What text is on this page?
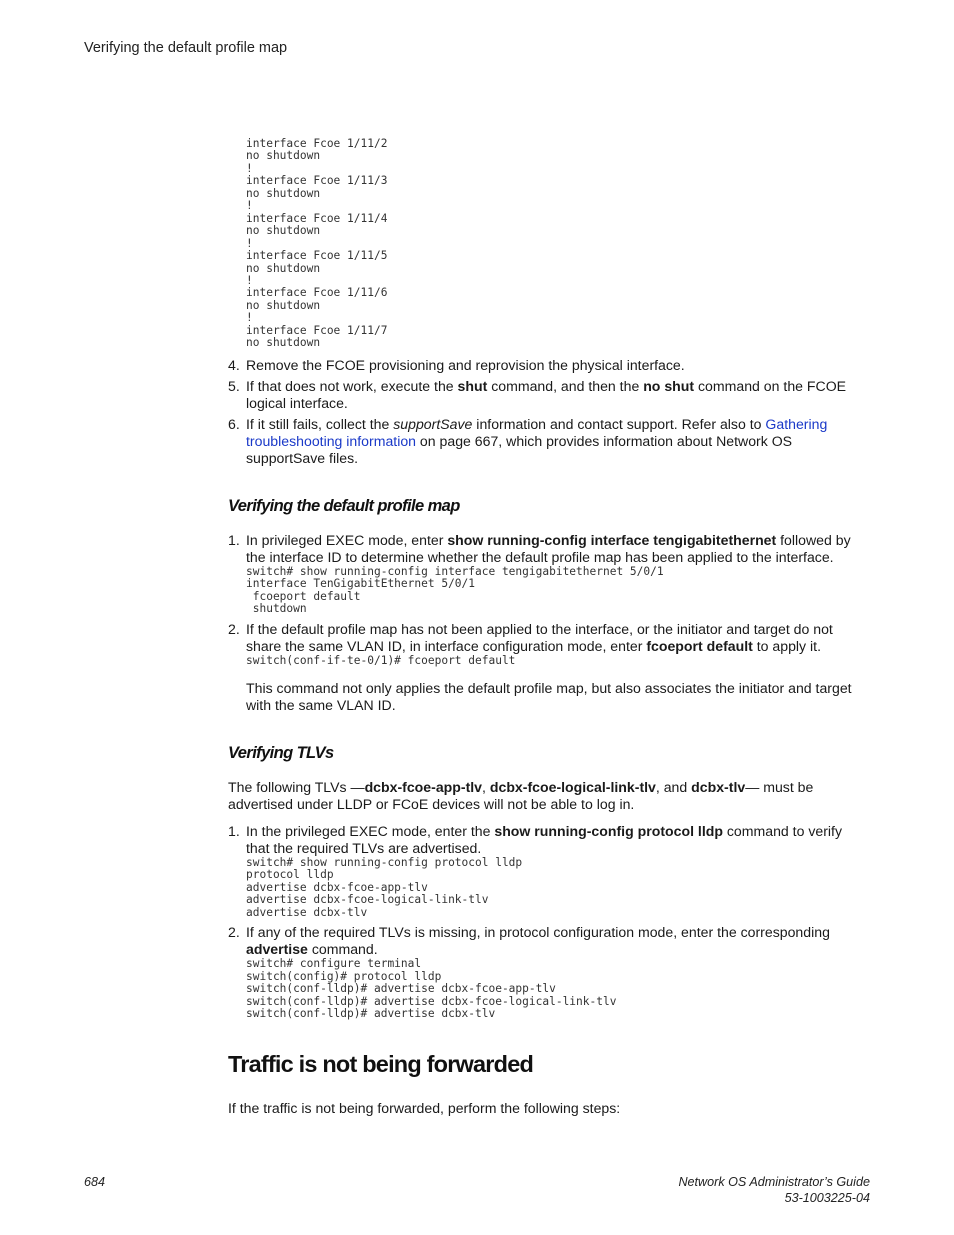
Verifying the default profile map
interface Fcoe 1/11/2
no shutdown
!
interface Fcoe 1/11/3
no shutdown
!
interface Fcoe 1/11/4
no shutdown
!
interface Fcoe 1/11/5
no shutdown
!
interface Fcoe 1/11/6
no shutdown
!
interface Fcoe 1/11/7
no shutdown
4. Remove the FCOE provisioning and reprovision the physical interface.

5. If that does not work, execute the shut command, and then the no shut command on the FCOE logical interface.

6. If it still fails, collect the supportSave information and contact support. Refer also to Gathering troubleshooting information on page 667, which provides information about Network OS supportSave files.

Verifying the default profile map
1. In privileged EXEC mode, enter show running-config interface tengigabitethernet followed by the interface ID to determine whether the default profile map has been applied to the interface.

switch# show running-config interface tengigabitethernet 5/0/1
interface TenGigabitEthernet 5/0/1
fcoeport default
shutdown
2. If the default profile map has not been applied to the interface, or the initiator and target do not share the same VLAN ID, in interface configuration mode, enter fcoeport default to apply it.

switch(conf-if-te-0/1)# fcoeport default

This command not only applies the default profile map, but also associates the initiator and target with the same VLAN ID.

Verifying TLVs

The following TLVs —dcbx-fcoe-app-tlv, dcbx-fcoe-logical-link-tlv, and dcbx-tlv— must be advertised under LLDP or FCoE devices will not be able to log in.

1. In the privileged EXEC mode, enter the show running-config protocol lldp command to verify that the required TLVs are advertised.

switch# show running-config protocol lldp
protocol lldp
advertise dcbx-fcoe-app-tlv
advertise dcbx-fcoe-logical-link-tlv
advertise dcbx-tlv
2. If any of the required TLVs is missing, in protocol configuration mode, enter the corresponding advertise command.

switch# configure terminal
switch(config)# protocol lldp
switch(conf-lldp)# advertise dcbx-fcoe-app-tlv
switch(conf-lldp)# advertise dcbx-fcoe-logical-link-tlv
switch(conf-lldp)# advertise dcbx-tlv
Traffic is not being forwarded

If the traffic is not being forwarded, perform the following steps:

684	Network OS Administrator’s Guide
53-1003225-04
